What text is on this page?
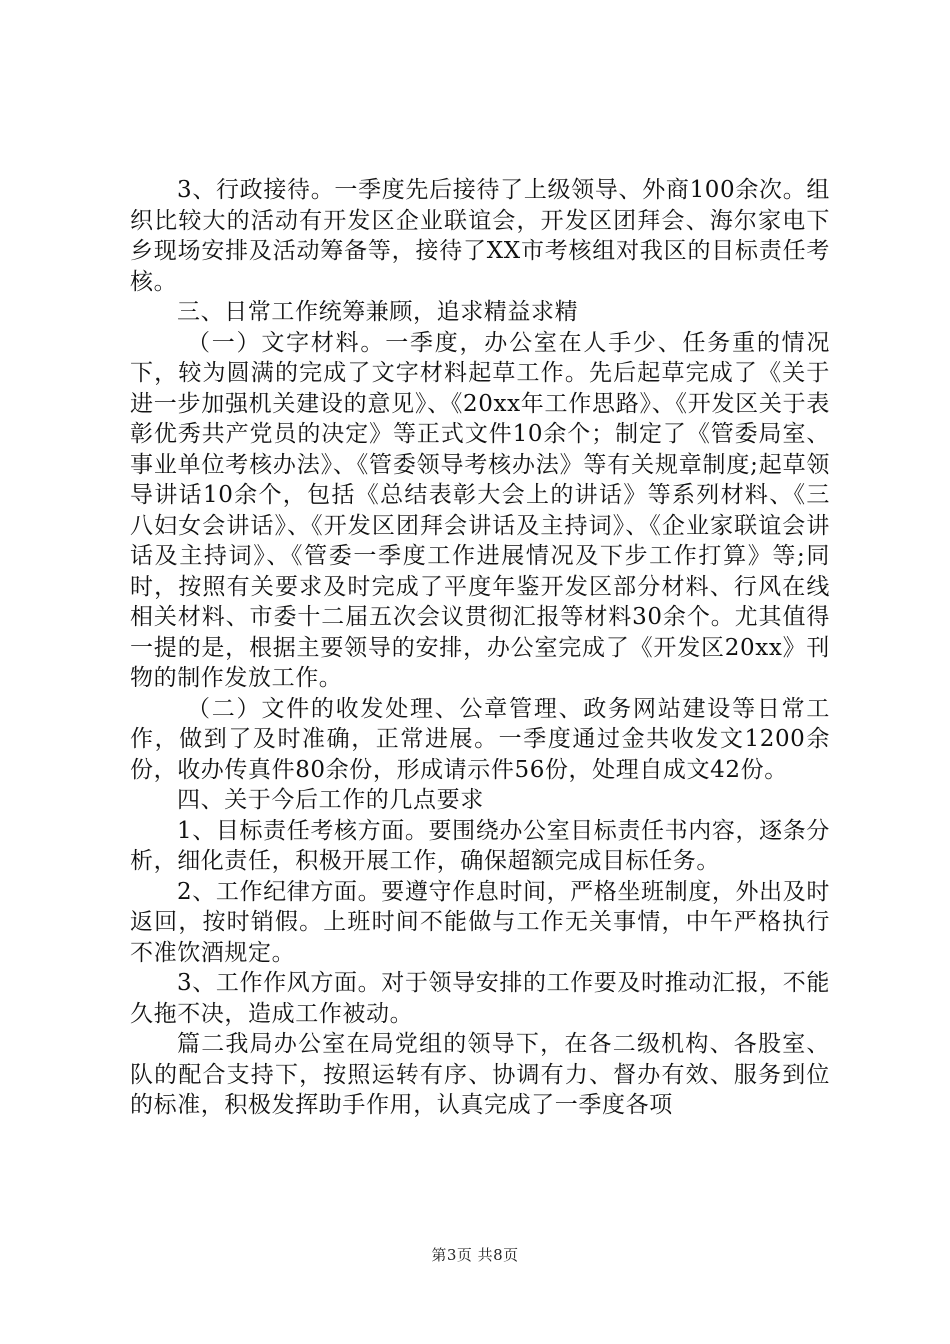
3、行政接待。一季度先后接待了上级领导、外商100余次。组织比较大的活动有开发区企业联谊会，开发区团拜会、海尔家电下乡现场安排及活动筹备等，接待了XX市考核组对我区的目标责任考核。

三、日常工作统筹兼顾，追求精益求精

（一）文字材料。一季度，办公室在人手少、任务重的情况下，较为圆满的完成了文字材料起草工作。先后起草完成了《关于进一步加强机关建设的意见》、《20xx年工作思路》、《开发区关于表彰优秀共产党员的决定》等正式文件10余个；制定了《管委局室、事业单位考核办法》、《管委领导考核办法》等有关规章制度;起草领导讲话10余个，包括《总结表彰大会上的讲话》等系列材料、《三八妇女会讲话》、《开发区团拜会讲话及主持词》、《企业家联谊会讲话及主持词》、《管委一季度工作进展情况及下步工作打算》等;同时，按照有关要求及时完成了平度年鉴开发区部分材料、行风在线相关材料、市委十二届五次会议贯彻汇报等材料30余个。尤其值得一提的是，根据主要领导的安排，办公室完成了《开发区20xx》刊物的制作发放工作。

（二）文件的收发处理、公章管理、政务网站建设等日常工作，做到了及时准确，正常进展。一季度通过金共收发文1200余份，收办传真件80余份，形成请示件56份，处理自成文42份。

四、关于今后工作的几点要求

1、目标责任考核方面。要围绕办公室目标责任书内容，逐条分析，细化责任，积极开展工作，确保超额完成目标任务。

2、工作纪律方面。要遵守作息时间，严格坐班制度，外出及时返回，按时销假。上班时间不能做与工作无关事情，中午严格执行不准饮酒规定。

3、工作作风方面。对于领导安排的工作要及时推动汇报，不能久拖不决，造成工作被动。

篇二我局办公室在局党组的领导下，在各二级机构、各股室、队的配合支持下，按照运转有序、协调有力、督办有效、服务到位的标准，积极发挥助手作用，认真完成了一季度各项

第3页 共8页
